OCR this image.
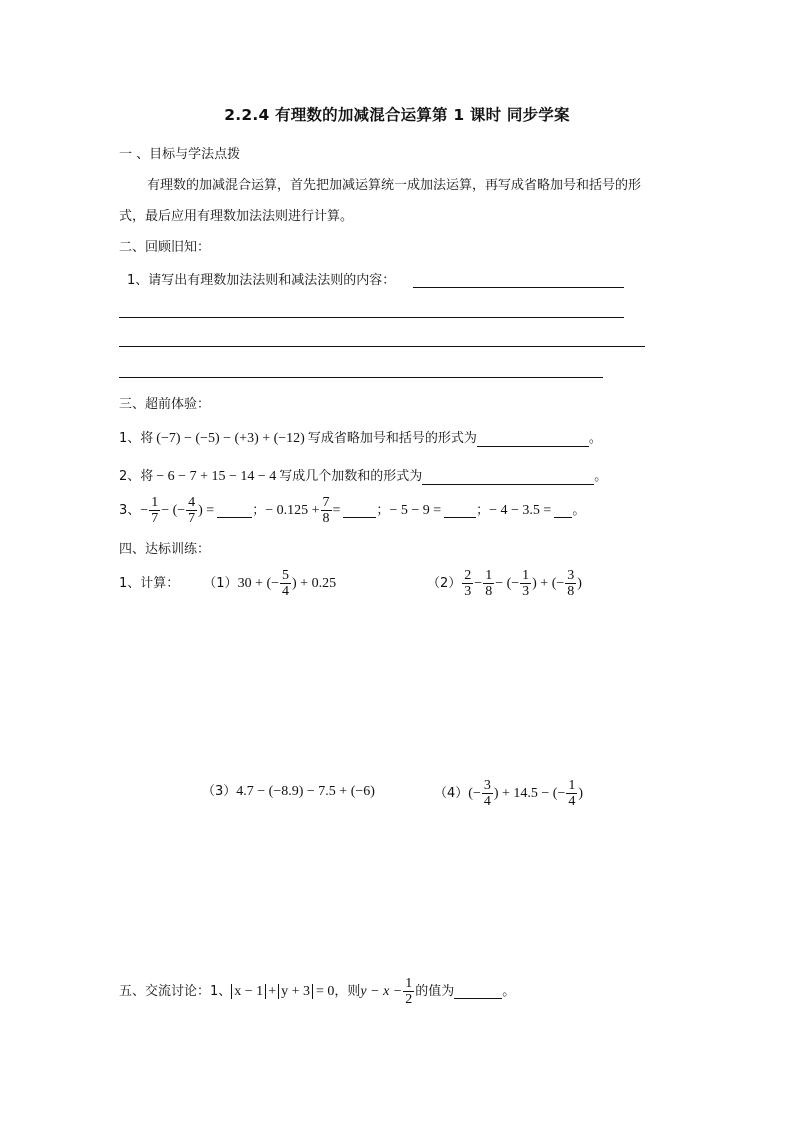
2.2.4 有理数的加减混合运算第 1 课时 同步学案
一 、目标与学法点拨
有理数的加减混合运算，首先把加减运算统一成加法运算，再写成省略加号和括号的形
式，最后应用有理数加法法则进行计算。
二、回顾旧知：
1、请写出有理数加法法则和减法法则的内容：
三、超前体验：
1、将 (−7) − (−5) − (+3) + (−12) 写成省略加号和括号的形式为	。
2、将 − 6 − 7 + 15 − 14 − 4 写成几个加数和的形式为	。
3、 − $\frac{1}{7}$ − (− $\frac{4}{7}$ ) =	； − $0.125 + \frac{7}{8}$ =	； − 5 − 9 =	； − 4 − 3.5 = 。
四、达标训练：
1、计算： （1） 30 + (− $\frac{5}{4}$ ) + 0.25	$(2) \frac{2}{3} - \frac{1}{8}$ − (− $\frac{1}{3}$ ) + (− $\frac{3}{8}$ )
（3） 4.7 − (−8.9) − 7.5 + (−6)	（4） (− $\frac{3}{4}$ ) + 14.5 − (− $\frac{1}{4}$ )
五、交流讨论：1、 x − 1 + y + 3 = 0 ，则 $y - x - \frac{1}{2}$ 的值为	。
